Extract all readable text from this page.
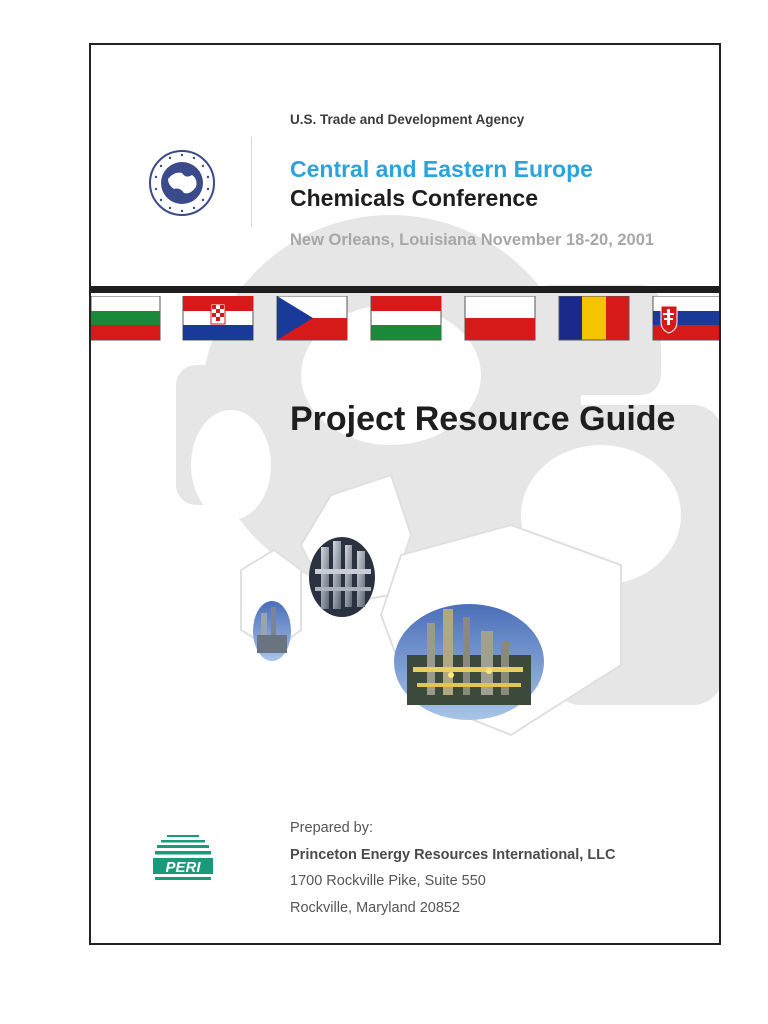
U.S. Trade and Development Agency
Central and Eastern Europe
Chemicals Conference
New Orleans, Louisiana November 18-20, 2001
Project Resource Guide
PERI
Prepared by:
Princeton Energy Resources International, LLC
1700 Rockville Pike, Suite 550
Rockville, Maryland 20852
